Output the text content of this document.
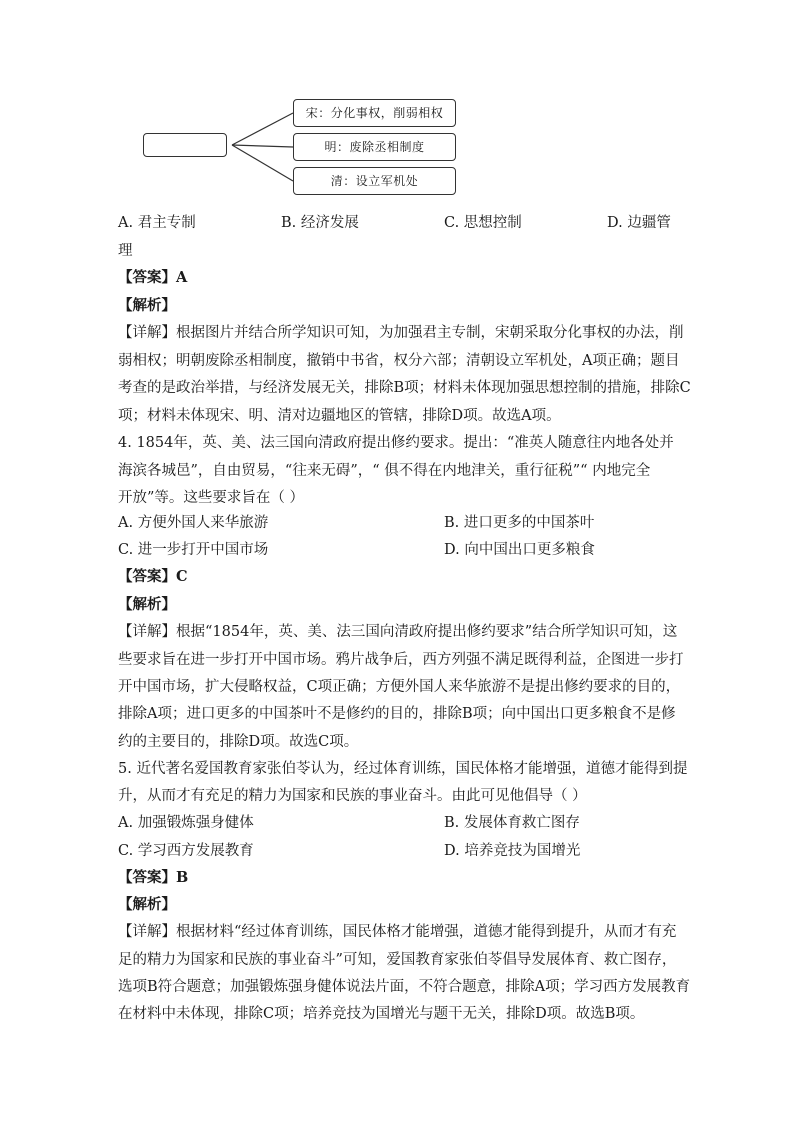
宋：分化事权，削弱相权
明：废除丞相制度
清：设立军机处
A. 君主专制	B. 经济发展	C. 思想控制	D. 边疆管
理
【答案】A
【解析】
【详解】根据图片并结合所学知识可知，为加强君主专制，宋朝采取分化事权的办法，削
弱相权；明朝废除丞相制度，撤销中书省，权分六部；清朝设立军机处，A项正确；题目
考查的是政治举措，与经济发展无关，排除B项；材料未体现加强思想控制的措施，排除C
项；材料未体现宋、明、清对边疆地区的管辖，排除D项。故选A项。
4. 1854年，英、美、法三国向清政府提出修约要求。提出：“准英人随意往内地各处并
海滨各城邑”，自由贸易，“往来无碍”，“ 俱不得在内地津关，重行征税”“ 内地完全
开放”等。这些要求旨在（ ）
A. 方便外国人来华旅游	B. 进口更多的中国茶叶
C. 进一步打开中国市场	D. 向中国出口更多粮食
【答案】C
【解析】
【详解】根据“1854年，英、美、法三国向清政府提出修约要求”结合所学知识可知，这
些要求旨在进一步打开中国市场。鸦片战争后，西方列强不满足既得利益，企图进一步打
开中国市场，扩大侵略权益，C项正确；方便外国人来华旅游不是提出修约要求的目的，
排除A项；进口更多的中国茶叶不是修约的目的，排除B项；向中国出口更多粮食不是修
约的主要目的，排除D项。故选C项。
5. 近代著名爱国教育家张伯苓认为，经过体育训练，国民体格才能增强，道德才能得到提
升，从而才有充足的精力为国家和民族的事业奋斗。由此可见他倡导（ ）
A. 加强锻炼强身健体	B. 发展体育救亡图存
C. 学习西方发展教育	D. 培养竞技为国增光
【答案】B
【解析】
【详解】根据材料“经过体育训练，国民体格才能增强，道德才能得到提升，从而才有充
足的精力为国家和民族的事业奋斗”可知，爱国教育家张伯苓倡导发展体育、救亡图存，
选项B符合题意；加强锻炼强身健体说法片面，不符合题意，排除A项；学习西方发展教育
在材料中未体现，排除C项；培养竞技为国增光与题干无关，排除D项。故选B项。
